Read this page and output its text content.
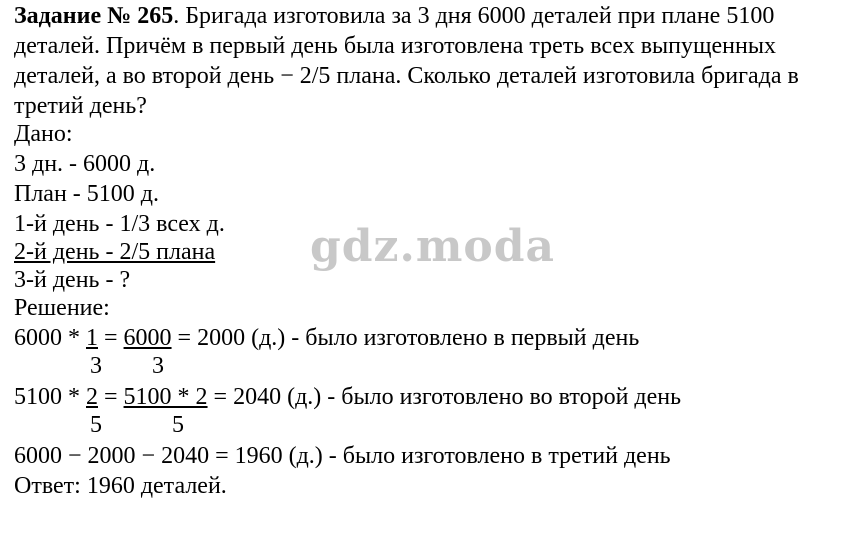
Задание № 265. Бригада изготовила за 3 дня 6000 деталей при плане 5100
деталей. Причём в первый день была изготовлена треть всех выпущенных
деталей, а во второй день − 2/5 плана. Сколько деталей изготовила бригада в
третий день?
Дано:
3 дн. - 6000 д.
План - 5100 д.
1-й день - 1/3 всех д.
2-й день - 2/5 плана
3-й день - ?
Решение:
6000 * 1 = 6000 = 2000 (д.) - было изготовлено в первый день
3 3
5100 * 2 = 5100 * 2 = 2040 (д.) - было изготовлено во второй день
5	5
6000 − 2000 − 2040 = 1960 (д.) - было изготовлено в третий день
Ответ: 1960 деталей.
gdz.moda
